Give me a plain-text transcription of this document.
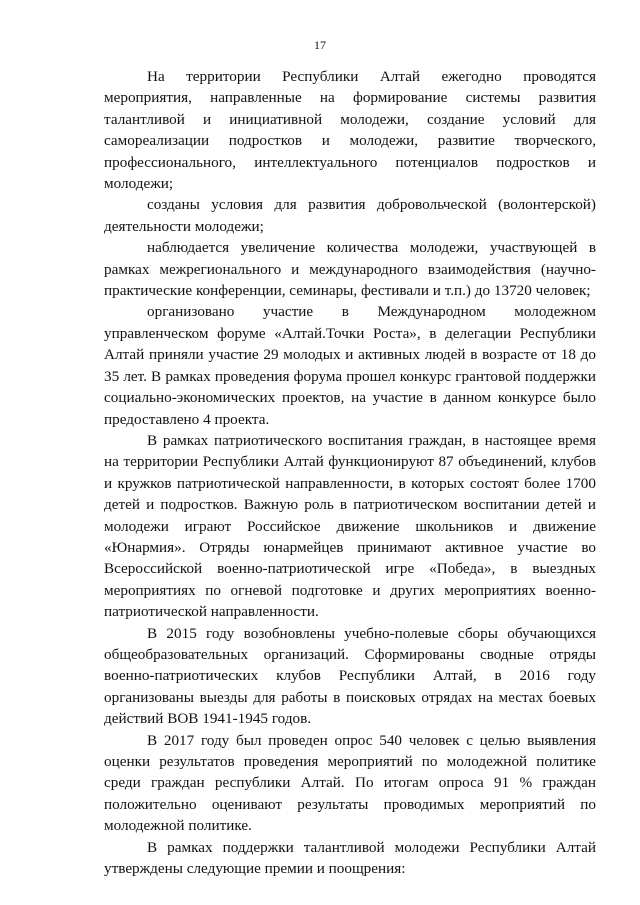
17

На территории Республики Алтай ежегодно проводятся мероприятия, направленные на формирование системы развития талантливой и инициативной молодежи, создание условий для самореализации подростков и молодежи, развитие творческого, профессионального, интеллектуального потенциалов подростков и молодежи;

созданы условия для развития добровольческой (волонтерской) деятельности молодежи;

наблюдается увеличение количества молодежи, участвующей в рамках межрегионального и международного взаимодействия (научно-практические конференции, семинары, фестивали и т.п.) до 13720 человек;

организовано участие в Международном молодежном управленческом форуме «Алтай.Точки Роста», в делегации Республики Алтай приняли участие 29 молодых и активных людей в возрасте от 18 до 35 лет. В рамках проведения форума прошел конкурс грантовой поддержки социально-экономических проектов, на участие в данном конкурсе было предоставлено 4 проекта.

В рамках патриотического воспитания граждан, в настоящее время на территории Республики Алтай функционируют 87 объединений, клубов и кружков патриотической направленности, в которых состоят более 1700 детей и подростков. Важную роль в патриотическом воспитании детей и молодежи играют Российское движение школьников и движение «Юнармия». Отряды юнармейцев принимают активное участие во Всероссийской военно-патриотической игре «Победа», в выездных мероприятиях по огневой подготовке и других мероприятиях военно-патриотической направленности.

В 2015 году возобновлены учебно-полевые сборы обучающихся общеобразовательных организаций. Сформированы сводные отряды военно-патриотических клубов Республики Алтай, в 2016 году организованы выезды для работы в поисковых отрядах на местах боевых действий ВОВ 1941-1945 годов.

В 2017 году был проведен опрос 540 человек с целью выявления оценки результатов проведения мероприятий по молодежной политике среди граждан республики Алтай. По итогам опроса 91 % граждан положительно оценивают результаты проводимых мероприятий по молодежной политике.

В рамках поддержки талантливой молодежи Республики Алтай утверждены следующие премии и поощрения:
